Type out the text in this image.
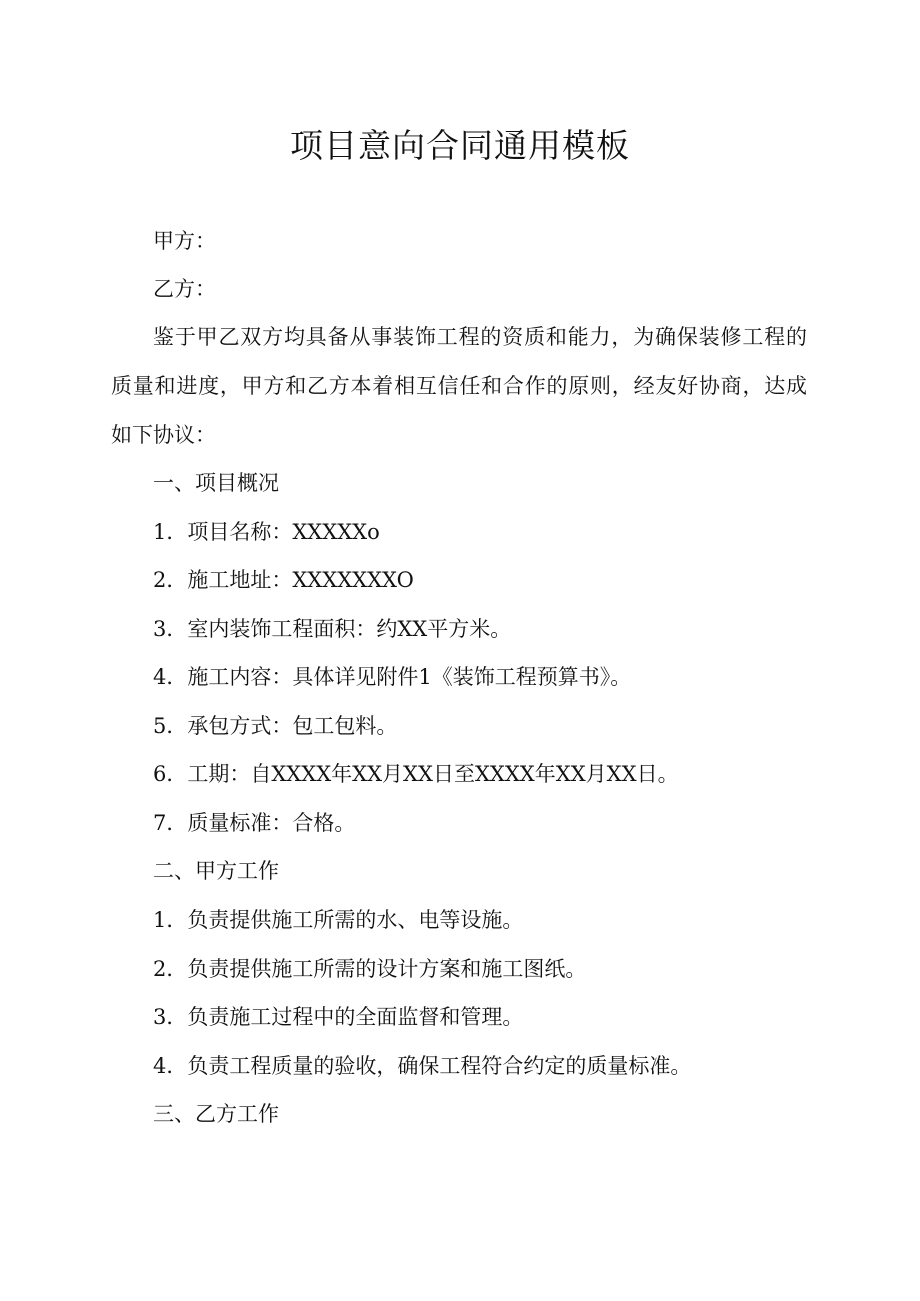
项目意向合同通用模板
甲方：
乙方：
鉴于甲乙双方均具备从事装饰工程的资质和能力，为确保装修工程的
质量和进度，甲方和乙方本着相互信任和合作的原则，经友好协商，达成
如下协议：
一、项目概况
1．项目名称：XXXXXo
2．施工地址：XXXXXXXO
3．室内装饰工程面积：约XX平方米。
4．施工内容：具体详见附件1《装饰工程预算书》。
5．承包方式：包工包料。
6．工期：自XXXX年XX月XX日至XXXX年XX月XX日。
7．质量标准：合格。
二、甲方工作
1．负责提供施工所需的水、电等设施。
2．负责提供施工所需的设计方案和施工图纸。
3．负责施工过程中的全面监督和管理。
4．负责工程质量的验收，确保工程符合约定的质量标准。
三、乙方工作
